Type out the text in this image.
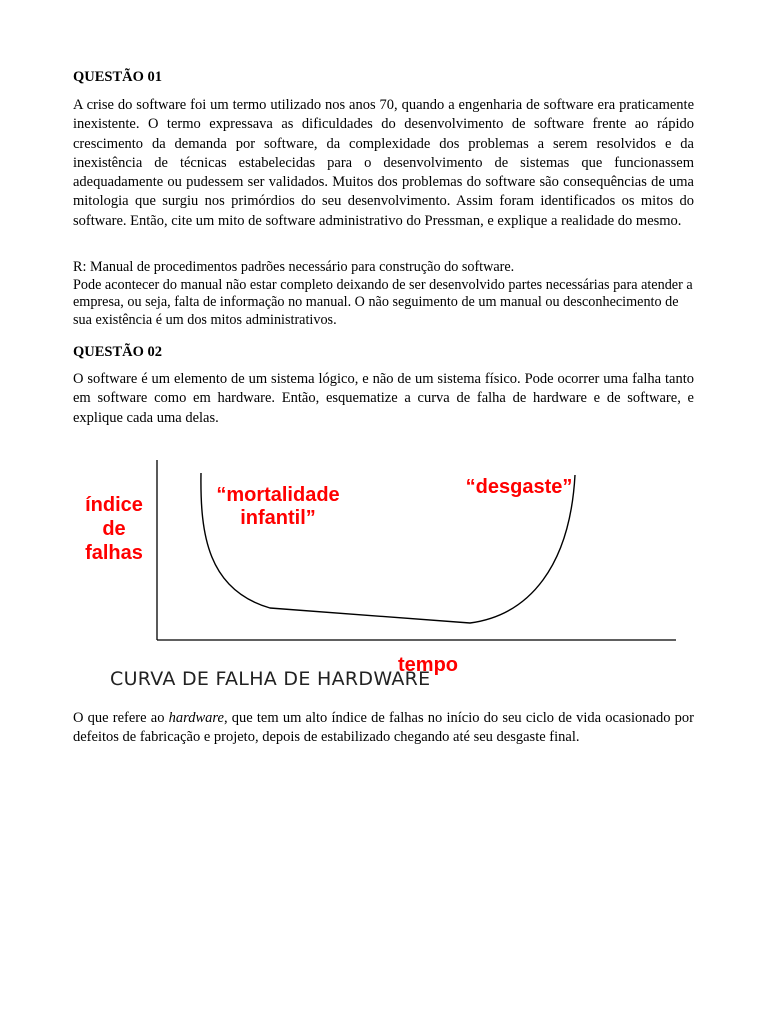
QUESTÃO 01
A crise do software foi um termo utilizado nos anos 70, quando a engenharia de software era praticamente inexistente. O termo expressava as dificuldades do desenvolvimento de software frente ao rápido crescimento da demanda por software, da complexidade dos problemas a serem resolvidos e da inexistência de técnicas estabelecidas para o desenvolvimento de sistemas que funcionassem adequadamente ou pudessem ser validados. Muitos dos problemas do software são consequências de uma mitologia que surgiu nos primórdios do seu desenvolvimento. Assim foram identificados os mitos do software. Então, cite um mito de software administrativo do Pressman, e explique a realidade do mesmo.
R: Manual de procedimentos padrões necessário para construção do software.
Pode acontecer do manual não estar completo deixando de ser desenvolvido partes necessárias para atender a empresa, ou seja, falta de informação no manual. O não seguimento de um manual ou desconhecimento de sua existência é um dos mitos administrativos.
QUESTÃO 02
O software é um elemento de um sistema lógico, e não de um sistema físico. Pode ocorrer uma falha tanto em software como em hardware. Então, esquematize a curva de falha de hardware e de software, e explique cada uma delas.
O que refere ao hardware, que tem um alto índice de falhas no início do seu ciclo de vida ocasionado por defeitos de fabricação e projeto, depois de estabilizado chegando até seu desgaste final.
índice
de
falhas
“mortalidade
infantil”
“desgaste”
tempo
CURVA DE FALHA DE HARDWARE
